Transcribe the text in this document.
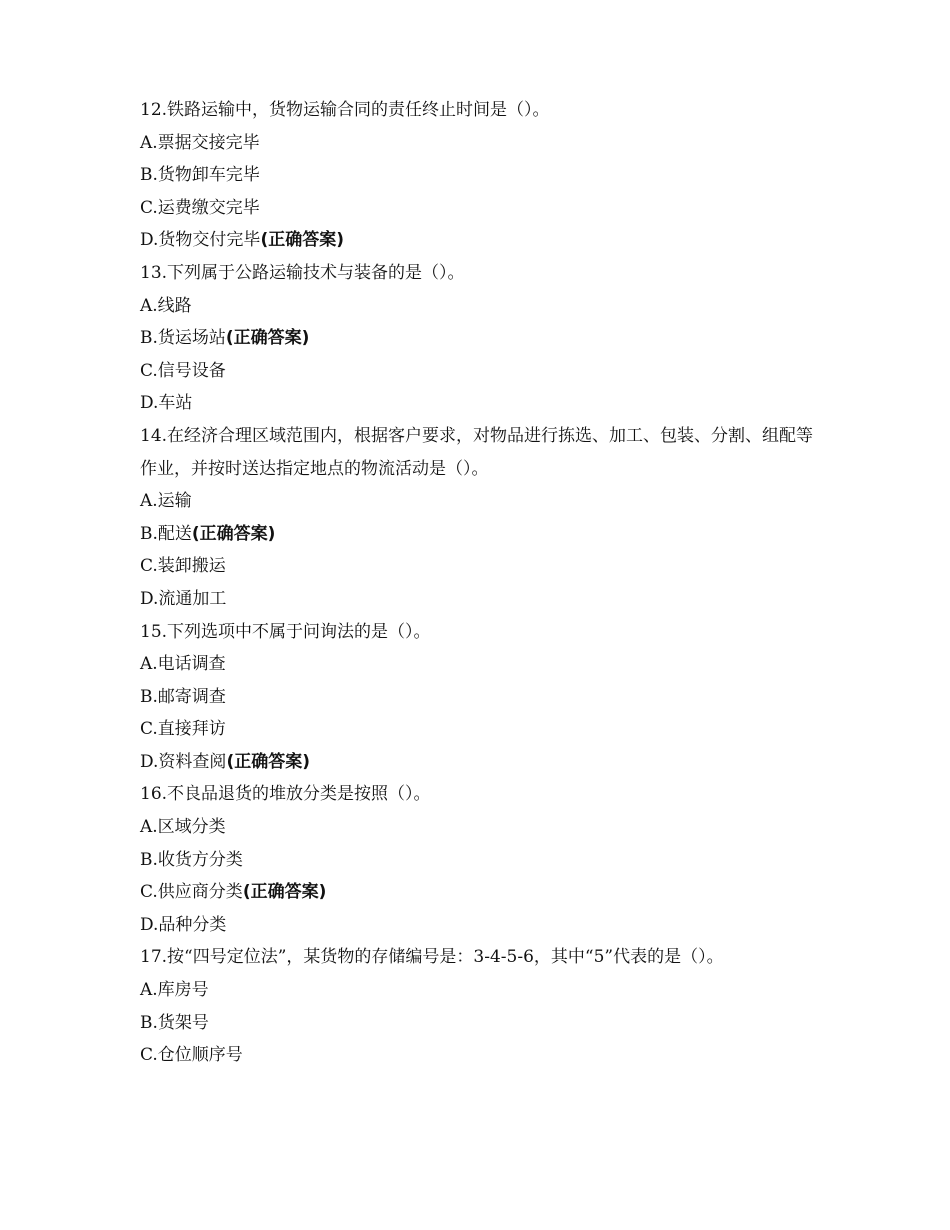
12.铁路运输中，货物运输合同的责任终止时间是（）。
A.票据交接完毕
B.货物卸车完毕
C.运费缴交完毕
D.货物交付完毕(正确答案)
13.下列属于公路运输技术与装备的是（）。
A.线路
B.货运场站(正确答案)
C.信号设备
D.车站
14.在经济合理区域范围内，根据客户要求，对物品进行拣选、加工、包装、分割、组配等作业，并按时送达指定地点的物流活动是（）。
A.运输
B.配送(正确答案)
C.装卸搬运
D.流通加工
15.下列选项中不属于问询法的是（）。
A.电话调查
B.邮寄调查
C.直接拜访
D.资料查阅(正确答案)
16.不良品退货的堆放分类是按照（）。
A.区域分类
B.收货方分类
C.供应商分类(正确答案)
D.品种分类
17.按“四号定位法”，某货物的存储编号是：3-4-5-6，其中“5”代表的是（）。
A.库房号
B.货架号
C.仓位顺序号
